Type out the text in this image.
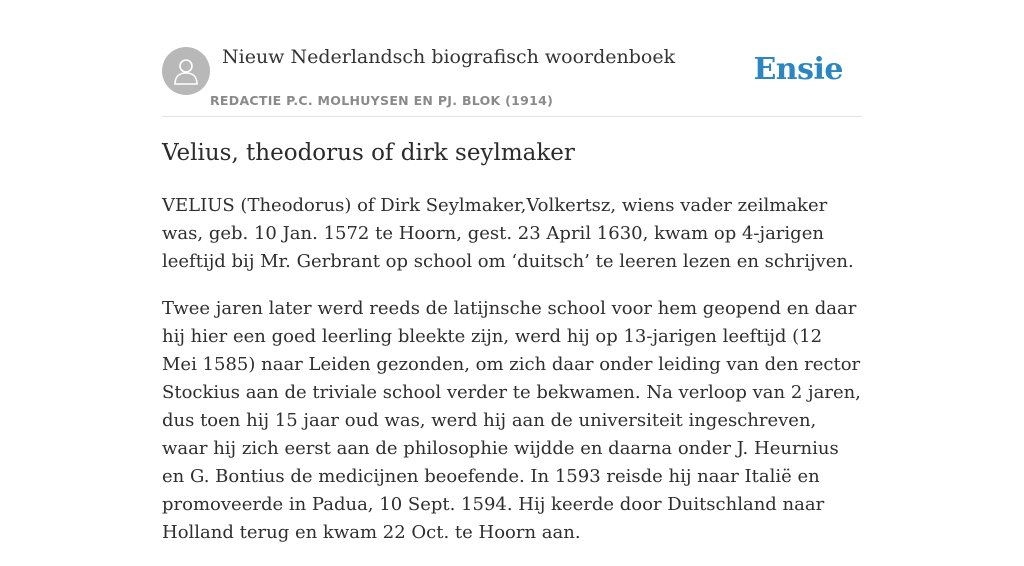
Nieuw Nederlandsch biografisch woordenboek
REDACTIE P.C. MOLHUYSEN EN PJ. BLOK (1914)
Ensie
Velius, theodorus of dirk seylmaker

VELIUS (Theodorus) of Dirk Seylmaker,Volkertsz, wiens vader zeilmaker was, geb. 10 Jan. 1572 te Hoorn, gest. 23 April 1630, kwam op 4-jarigen leeftijd bij Mr. Gerbrant op school om ‘duitsch’ te leeren lezen en schrijven.

Twee jaren later werd reeds de latijnsche school voor hem geopend en daar hij hier een goed leerling bleekte zijn, werd hij op 13-jarigen leeftijd (12 Mei 1585) naar Leiden gezonden, om zich daar onder leiding van den rector Stockius aan de triviale school verder te bekwamen. Na verloop van 2 jaren, dus toen hij 15 jaar oud was, werd hij aan de universiteit ingeschreven, waar hij zich eerst aan de philosophie wijdde en daarna onder J. Heurnius en G. Bontius de medicijnen beoefende. In 1593 reisde hij naar Italië en promoveerde in Padua, 10 Sept. 1594. Hij keerde door Duitschland naar Holland terug en kwam 22 Oct. te Hoorn aan.
